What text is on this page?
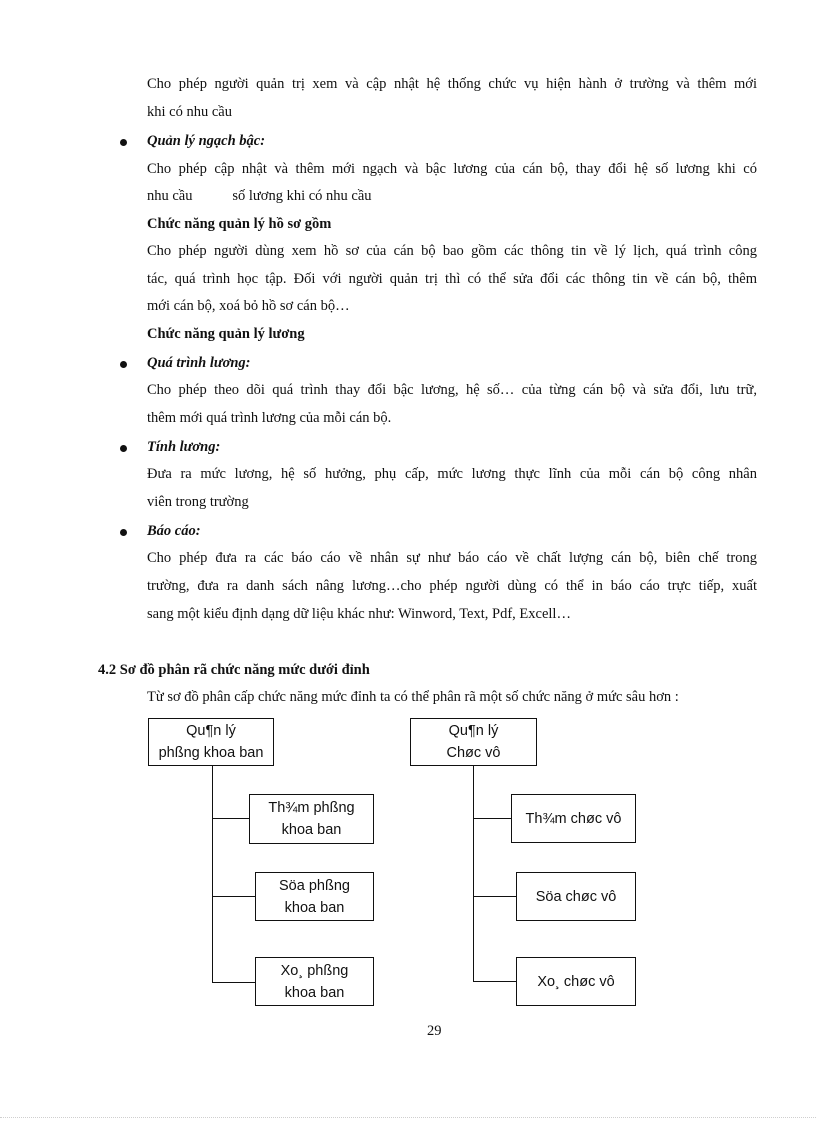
Cho phép người quản trị xem và cập nhật hệ thống chức vụ hiện hành ở trường và thêm mới
khi có nhu cầu
Quản lý ngạch bậc:
Cho phép cập nhật và thêm mới ngạch và bậc lương của cán bộ, thay đổi hệ số lương khi có
nhu cầu           số lương khi có nhu cầu
Chức năng quản lý hồ sơ gồm
Cho phép người dùng xem hồ sơ của cán bộ bao gồm các thông tin về lý lịch, quá trình công
tác, quá trình học tập. Đối với người quản trị thì có thể sửa đổi các thông tin về cán bộ, thêm
mới cán bộ, xoá bỏ hồ sơ cán bộ…
Chức năng quản lý lương
Quá trình lương:
Cho phép theo dõi quá trình thay đổi bậc lương, hệ số… của từng cán bộ và sửa đổi, lưu trữ,
thêm mới quá trình lương của mỗi cán bộ.
Tính lương:
Đưa ra mức lương, hệ số hưởng, phụ cấp, mức lương thực lĩnh của mỗi cán bộ công nhân
viên trong trường
Báo cáo:
Cho phép đưa ra các báo cáo về nhân sự như báo cáo về chất lượng cán bộ, biên chế trong
trường, đưa ra danh sách nâng lương…cho phép người dùng có thể in báo cáo trực tiếp, xuất
sang một kiểu định dạng dữ liệu khác như: Winword, Text, Pdf, Excell…
4.2 Sơ đồ phân rã chức năng mức dưới đỉnh
Từ sơ đồ phân cấp chức năng mức đỉnh ta có thể phân rã một số chức năng ở mức sâu hơn :
Qu¶n lý
phßng khoa ban
Th¾m phßng
khoa ban
Söa phßng
khoa ban
Xo¸ phßng
khoa ban
Qu¶n lý
Chøc vô
Th¾m chøc vô
Söa chøc vô
Xo¸ chøc vô
29
